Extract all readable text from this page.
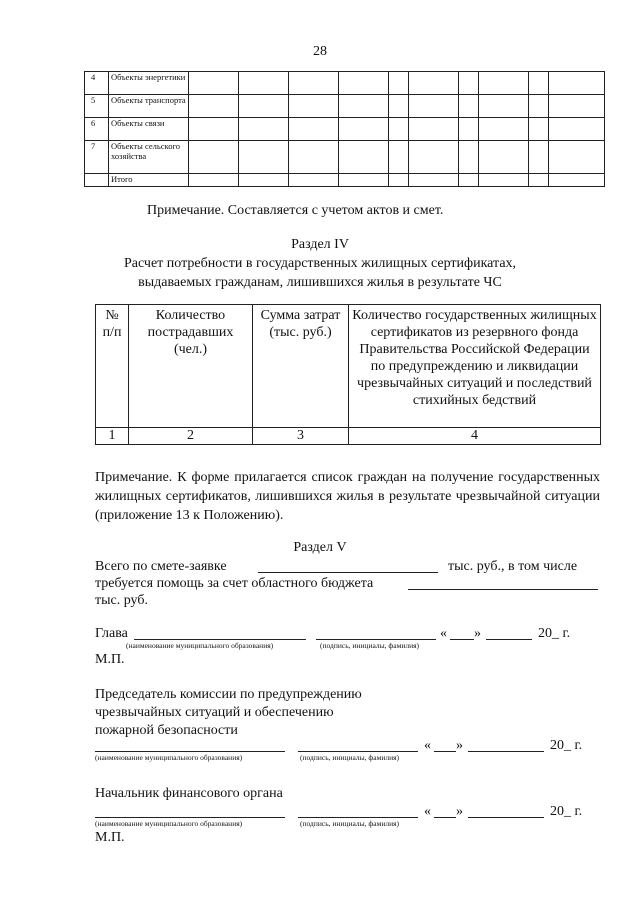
28
4	Объекты энергетики										
5	Объекты транспорта										
6	Объекты связи										
7	Объекты сельского хозяйства										
	Итого										
Примечание. Составляется с учетом актов и смет.
Раздел IV
Расчет потребности в государственных жилищных сертификатах,
выдаваемых гражданам, лишившихся жилья в результате ЧС
№ п/п	Количество пострадавших (чел.)	Сумма затрат (тыс. руб.)	Количество государственных жилищных сертификатов из резервного фонда Правительства Российской Федерации по предупреждению и ликвидации чрезвычайных ситуаций и последствий стихийных бедствий
1	2	3	4
Примечание. К форме прилагается список граждан на получение государственных жилищных сертификатов, лишившихся жилья в результате чрезвычайной ситуации (приложение 13 к Положению).
Раздел V
Всего по смете-заявке	тыс. руб., в том числе
требуется помощь за счет областного бюджета
тыс. руб.
Глава	« »	20_ г.
(наименование муниципального образования)	(подпись, инициалы, фамилия)
М.П.
Председатель комиссии по предупреждению
чрезвычайных ситуаций и обеспечению
пожарной безопасности
« »	20_ г.
(наименование муниципального образования)	(подпись, инициалы, фамилия)
Начальник финансового органа
« »	20_ г.
(наименование муниципального образования)	(подпись, инициалы, фамилия)
М.П.
